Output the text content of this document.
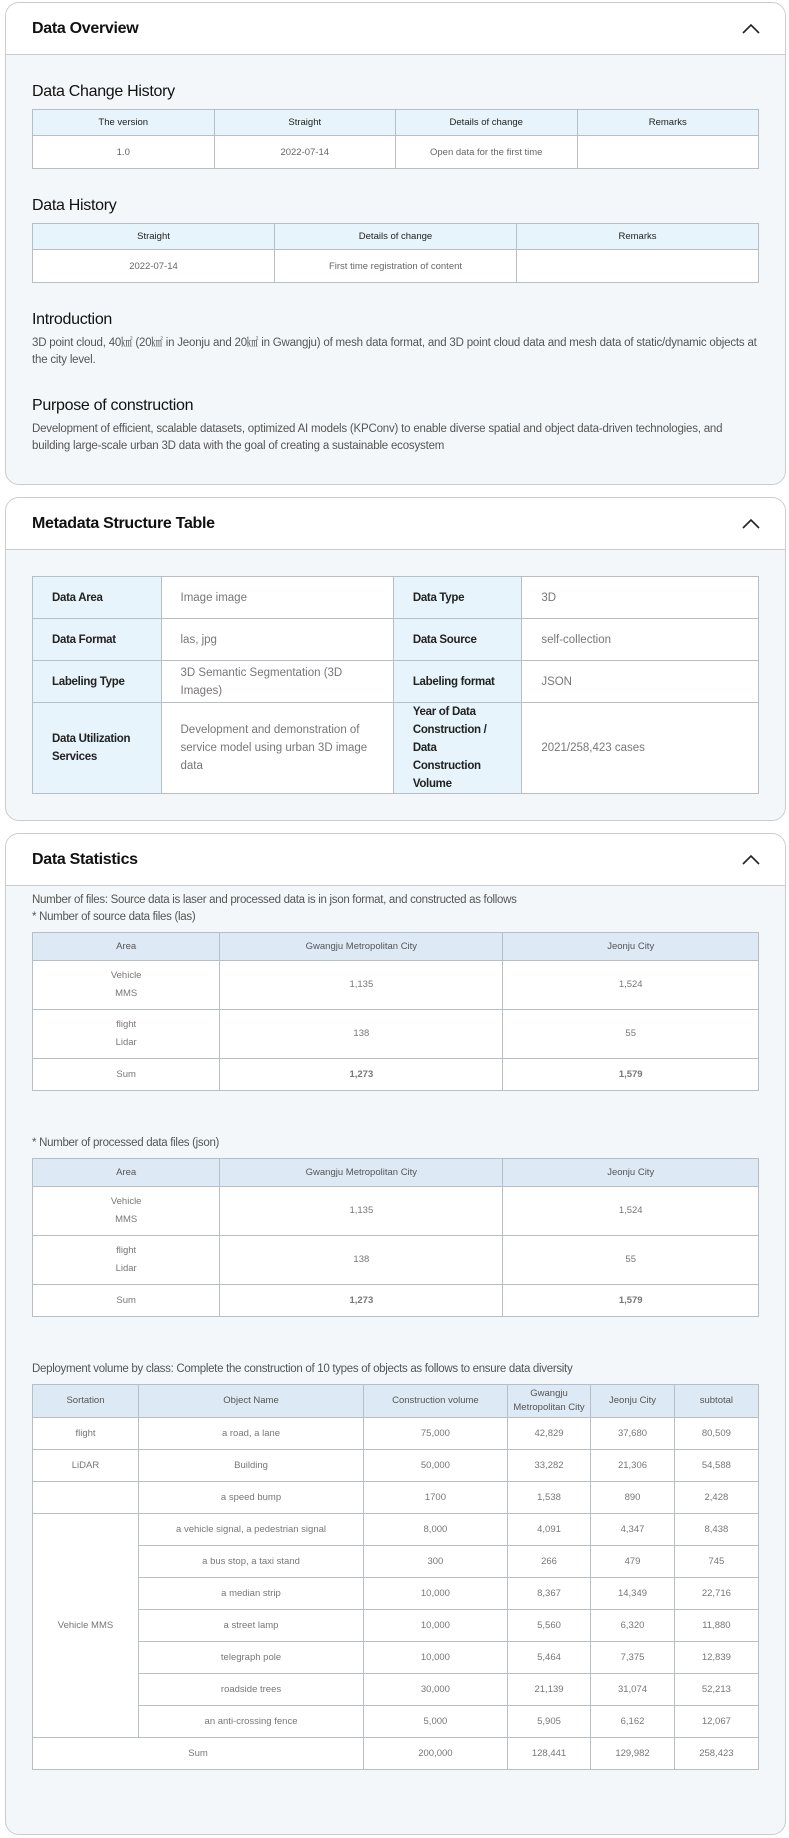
Data Overview
Data Change History
The version	Straight	Details of change	Remarks
1.0	2022-07-14	Open data for the first time	
Data History
Straight	Details of change	Remarks
2022-07-14	First time registration of content	
Introduction

3D point cloud, 40㎢ (20㎢ in Jeonju and 20㎢ in Gwangju) of mesh data format, and 3D point cloud data and mesh data of static/dynamic objects at the city level.

Purpose of construction

Development of efficient, scalable datasets, optimized AI models (KPConv) to enable diverse spatial and object data-driven technologies, and building large-scale urban 3D data with the goal of creating a sustainable ecosystem

Metadata Structure Table
Data Area	Image image	Data Type	3D
Data Format	las, jpg	Data Source	self-collection
Labeling Type	3D Semantic Segmentation (3D Images)	Labeling format	JSON
Data Utilization Services	Development and demonstration of service model using urban 3D image data	Year of Data Construction / Data Construction Volume	2021/258,423 cases
Data Statistics
Number of files: Source data is laser and processed data is in json format, and constructed as follows
* Number of source data files (las)
Area	Gwangju Metropolitan City	Jeonju City
Vehicle
MMS	1,135	1,524
flight
Lidar	138	55
Sum	1,273	1,579
* Number of processed data files (json)
Area	Gwangju Metropolitan City	Jeonju City
Vehicle
MMS	1,135	1,524
flight
Lidar	138	55
Sum	1,273	1,579
Deployment volume by class: Complete the construction of 10 types of objects as follows to ensure data diversity
Sortation	Object Name	Construction volume	Gwangju Metropolitan City	Jeonju City	subtotal
flight	a road, a lane	75,000	42,829	37,680	80,509
LiDAR	Building	50,000	33,282	21,306	54,588
	a speed bump	1700	1,538	890	2,428
Vehicle MMS	a vehicle signal, a pedestrian signal	8,000	4,091	4,347	8,438
	a bus stop, a taxi stand	300	266	479	745
	a median strip	10,000	8,367	14,349	22,716
	a street lamp	10,000	5,560	6,320	11,880
	telegraph pole	10,000	5,464	7,375	12,839
	roadside trees	30,000	21,139	31,074	52,213
	an anti-crossing fence	5,000	5,905	6,162	12,067
Sum		200,000	128,441	129,982	258,423
